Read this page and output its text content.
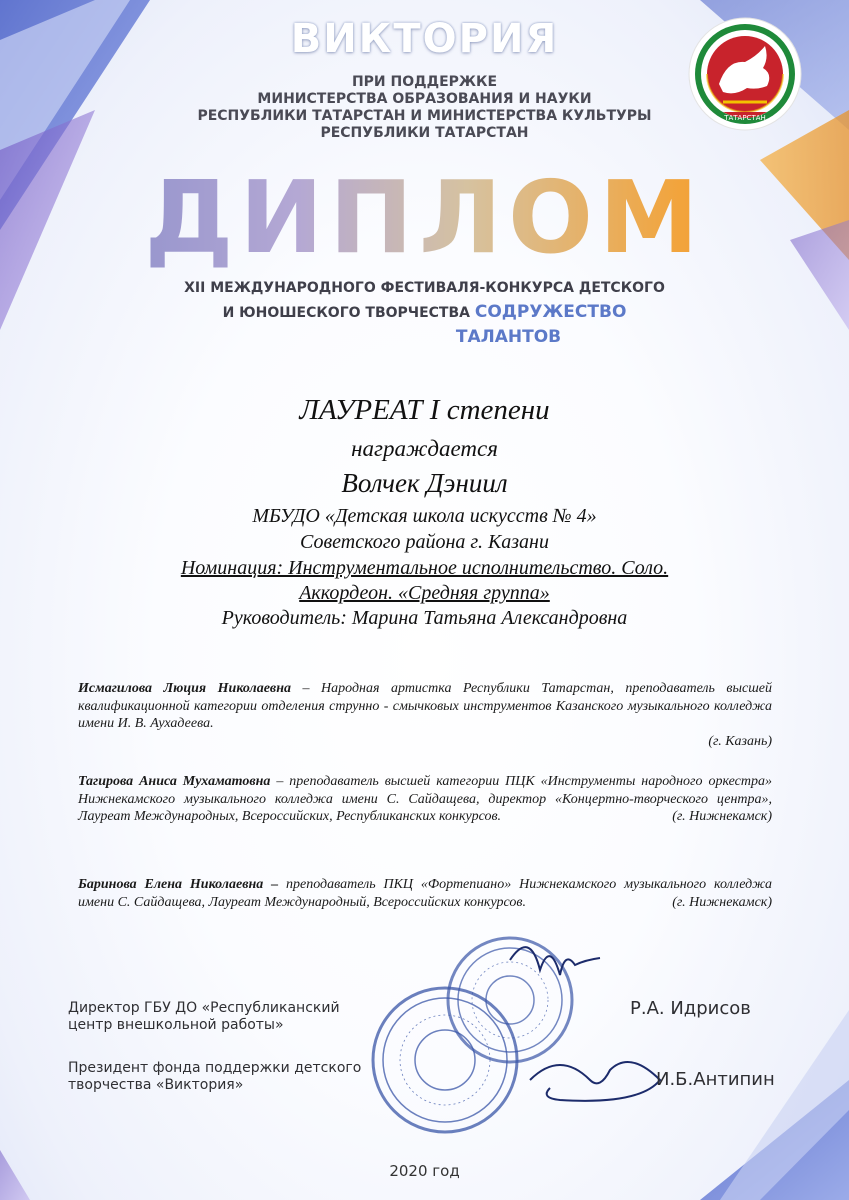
ТАТАРСТАН
ВИКТОРИЯ
ПРИ ПОДДЕРЖКЕ
МИНИСТЕРСТВА ОБРАЗОВАНИЯ И НАУКИ
РЕСПУБЛИКИ ТАТАРСТАН И МИНИСТЕРСТВА КУЛЬТУРЫ
РЕСПУБЛИКИ ТАТАРСТАН
ДИПЛОМ
XII МЕЖДУНАРОДНОГО ФЕСТИВАЛЯ-КОНКУРСА ДЕТСКОГО
И ЮНОШЕСКОГО ТВОРЧЕСТВА СОДРУЖЕСТВО
ТАЛАНТОВ
ЛАУРЕАТ I степени
награждается
Волчек Дэниил
МБУДО «Детская школа искусств № 4»
Советского района г. Казани
Номинация: Инструментальное исполнительство. Соло.
Аккордеон. «Средняя группа»
Руководитель: Марина Татьяна Александровна
Исмагилова Люция Николаевна – Народная артистка Республики Татарстан, преподаватель высшей квалификационной категории отделения струнно - смычковых инструментов Казанского музыкального колледжа имени И. В. Аухадеева.
(г. Казань)
Тагирова Аниса Мухаматовна – преподаватель высшей категории ПЦК «Инструменты народного оркестра» Нижнекамского музыкального колледжа имени С. Сайдащева, директор «Концертно-творческого центра», Лауреат Международных, Всероссийских, Республиканских конкурсов.	(г. Нижнекамск)
Баринова Елена Николаевна – преподаватель ПКЦ «Фортепиано» Нижнекамского музыкального колледжа имени С. Сайдащева, Лауреат Международный, Всероссийских конкурсов.	(г. Нижнекамск)
Директор ГБУ ДО «Республиканский
центр внешкольной работы»
Р.А. Идрисов
Президент фонда поддержки детского
творчества «Виктория»	И.Б.Антипин
2020 год
